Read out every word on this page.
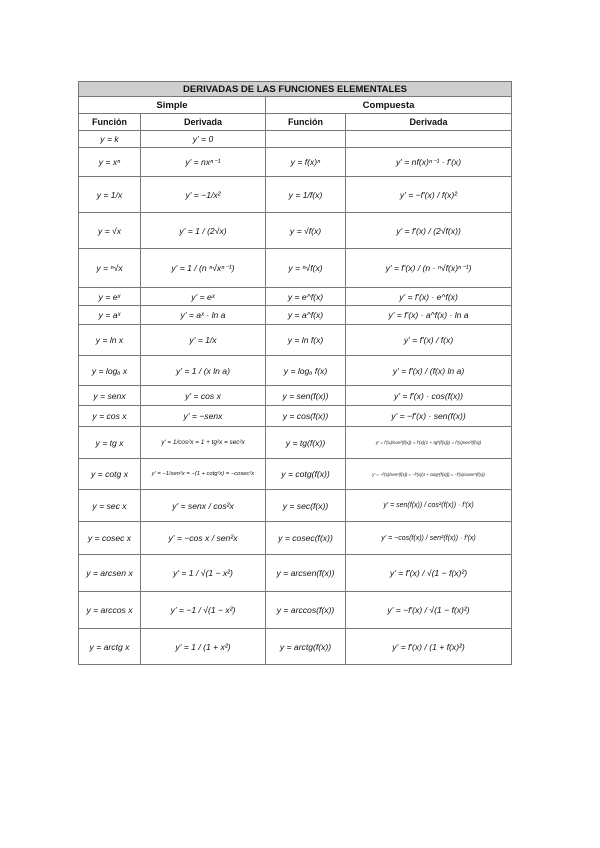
DERIVADAS DE LAS FUNCIONES ELEMENTALES			
Simple		Compuesta	
Función	Derivada	Función	Derivada
y = k	y' = 0		
y = xⁿ	y' = nxⁿ⁻¹	y = f(x)ⁿ	y' = nf(x)ⁿ⁻¹ · f'(x)
y = 1/x	y' = −1/x²	y = 1/f(x)	y' = −f'(x) / f(x)²
y = √x	y' = 1 / (2√x)	y = √f(x)	y' = f'(x) / (2√f(x))
y = ⁿ√x	y' = 1 / (n ⁿ√xⁿ⁻¹)	y = ⁿ√f(x)	y' = f'(x) / (n · ⁿ√f(x)ⁿ⁻¹)
y = eˣ	y' = eˣ	y = e^f(x)	y' = f'(x) · e^f(x)
y = aˣ	y' = aˣ · ln a	y = a^f(x)	y' = f'(x) · a^f(x) · ln a
y = ln x	y' = 1/x	y = ln f(x)	y' = f'(x) / f(x)
y = logₐ x	y' = 1 / (x ln a)	y = logₐ f(x)	y' = f'(x) / (f(x) ln a)
y = senx	y' = cos x	y = sen(f(x))	y' = f'(x) · cos(f(x))
y = cos x	y' = −senx	y = cos(f(x))	y' = −f'(x) · sen(f(x))
y = tg x	y' = 1/cos²x = 1 + tg²x = sec²x	y = tg(f(x))	y' = f'(x)/cos²(f(x)) = f'(x)(1 + tg²(f(x))) = f'(x)sec²(f(x))
y = cotg x	y' = −1/sen²x = −(1 + cotg²x) = −cosec²x	y = cotg(f(x))	y' = −f'(x)/sen²(f(x)) = −f'(x)(1 + cotg²(f(x))) = −f'(x)cosec²(f(x))
y = sec x	y' = senx / cos²x	y = sec(f(x))	y' = sen(f(x)) / cos²(f(x)) · f'(x)
y = cosec x	y' = −cos x / sen²x	y = cosec(f(x))	y' = −cos(f(x)) / sen²(f(x)) · f'(x)
y = arcsen x	y' = 1 / √(1 − x²)	y = arcsen(f(x))	y' = f'(x) / √(1 − f(x)²)
y = arccos x	y' = −1 / √(1 − x²)	y = arccos(f(x))	y' = −f'(x) / √(1 − f(x)²)
y = arctg x	y' = 1 / (1 + x²)	y = arctg(f(x))	y' = f'(x) / (1 + f(x)²)
